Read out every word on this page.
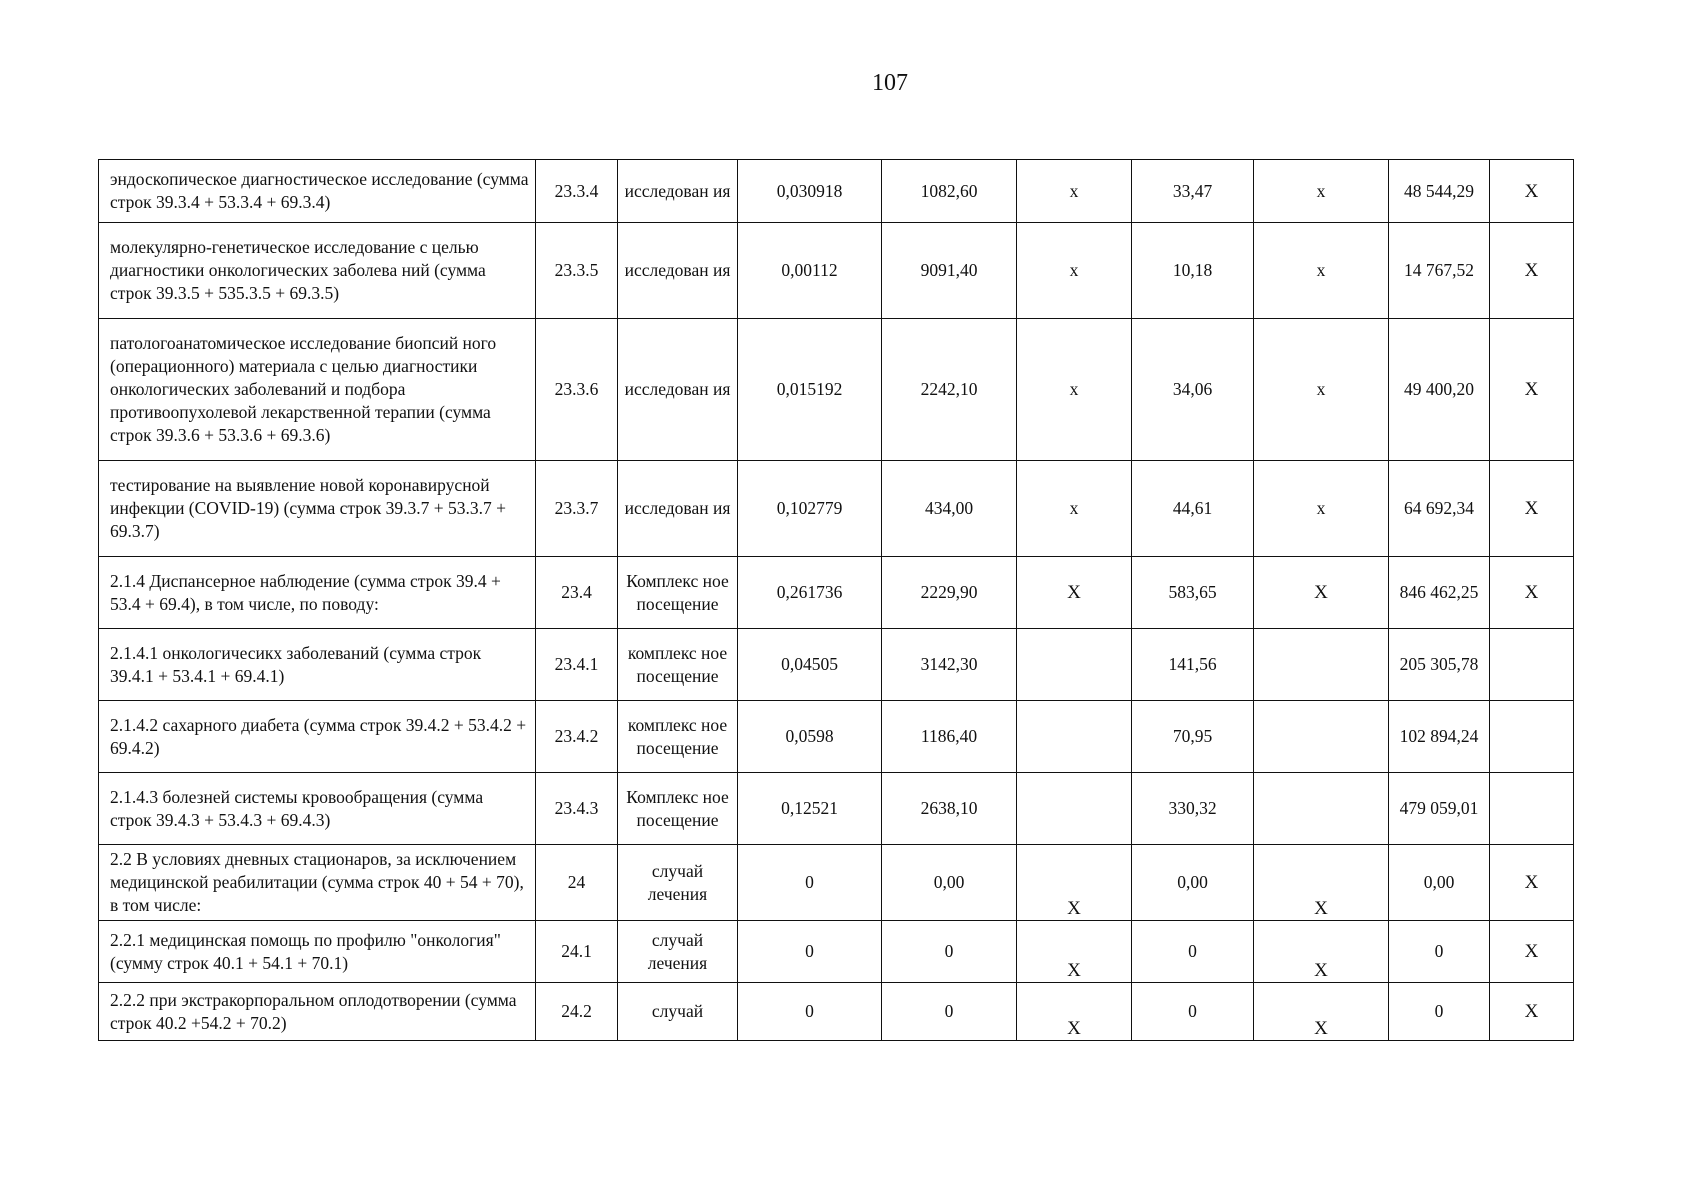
107
эндоскопическое диагностическое исследование (сумма строк 39.3.4 + 53.3.4 + 69.3.4)	23.3.4	исследован ия	0,030918	1082,60	x	33,47	x	48 544,29	X
молекулярно-генетическое исследование с целью диагностики онкологических заболева ний (сумма строк 39.3.5 + 535.3.5 + 69.3.5)	23.3.5	исследован ия	0,00112	9091,40	x	10,18	x	14 767,52	X
патологоанатомическое исследование биопсий ного (операционного) материала с целью диагностики онкологических заболеваний и подбора противоопухолевой лекарственной терапии (сумма строк 39.3.6 + 53.3.6 + 69.3.6)	23.3.6	исследован ия	0,015192	2242,10	x	34,06	x	49 400,20	X
тестирование на выявление новой коронавирусной инфекции (COVID-19) (сумма строк 39.3.7 + 53.3.7 + 69.3.7)	23.3.7	исследован ия	0,102779	434,00	x	44,61	x	64 692,34	X
2.1.4 Диспансерное наблюдение (сумма строк 39.4 + 53.4 + 69.4), в том числе, по поводу:	23.4	Комплекс ное посещение	0,261736	2229,90	X	583,65	X	846 462,25	X
2.1.4.1 онкологичесикх заболеваний (сумма строк 39.4.1 + 53.4.1 + 69.4.1)	23.4.1	комплекс ное посещение	0,04505	3142,30		141,56		205 305,78	
2.1.4.2 сахарного диабета (сумма строк 39.4.2 + 53.4.2 + 69.4.2)	23.4.2	комплекс ное посещение	0,0598	1186,40		70,95		102 894,24	
2.1.4.3 болезней системы кровообращения (сумма строк 39.4.3 + 53.4.3 + 69.4.3)	23.4.3	Комплекс ное посещение	0,12521	2638,10		330,32		479 059,01	
2.2 В условиях дневных стационаров, за исключением медицинской реабилитации (сумма строк 40 + 54 + 70), в том числе:	24	случай лечения	0	0,00	X	0,00	X	0,00	X
2.2.1 медицинская помощь по профилю "онкология" (сумму строк 40.1 + 54.1 + 70.1)	24.1	случай лечения	0	0	X	0	X	0	X
2.2.2 при экстракорпоральном оплодотворении (сумма строк 40.2 +54.2 + 70.2)	24.2	случай	0	0	X	0	X	0	X
